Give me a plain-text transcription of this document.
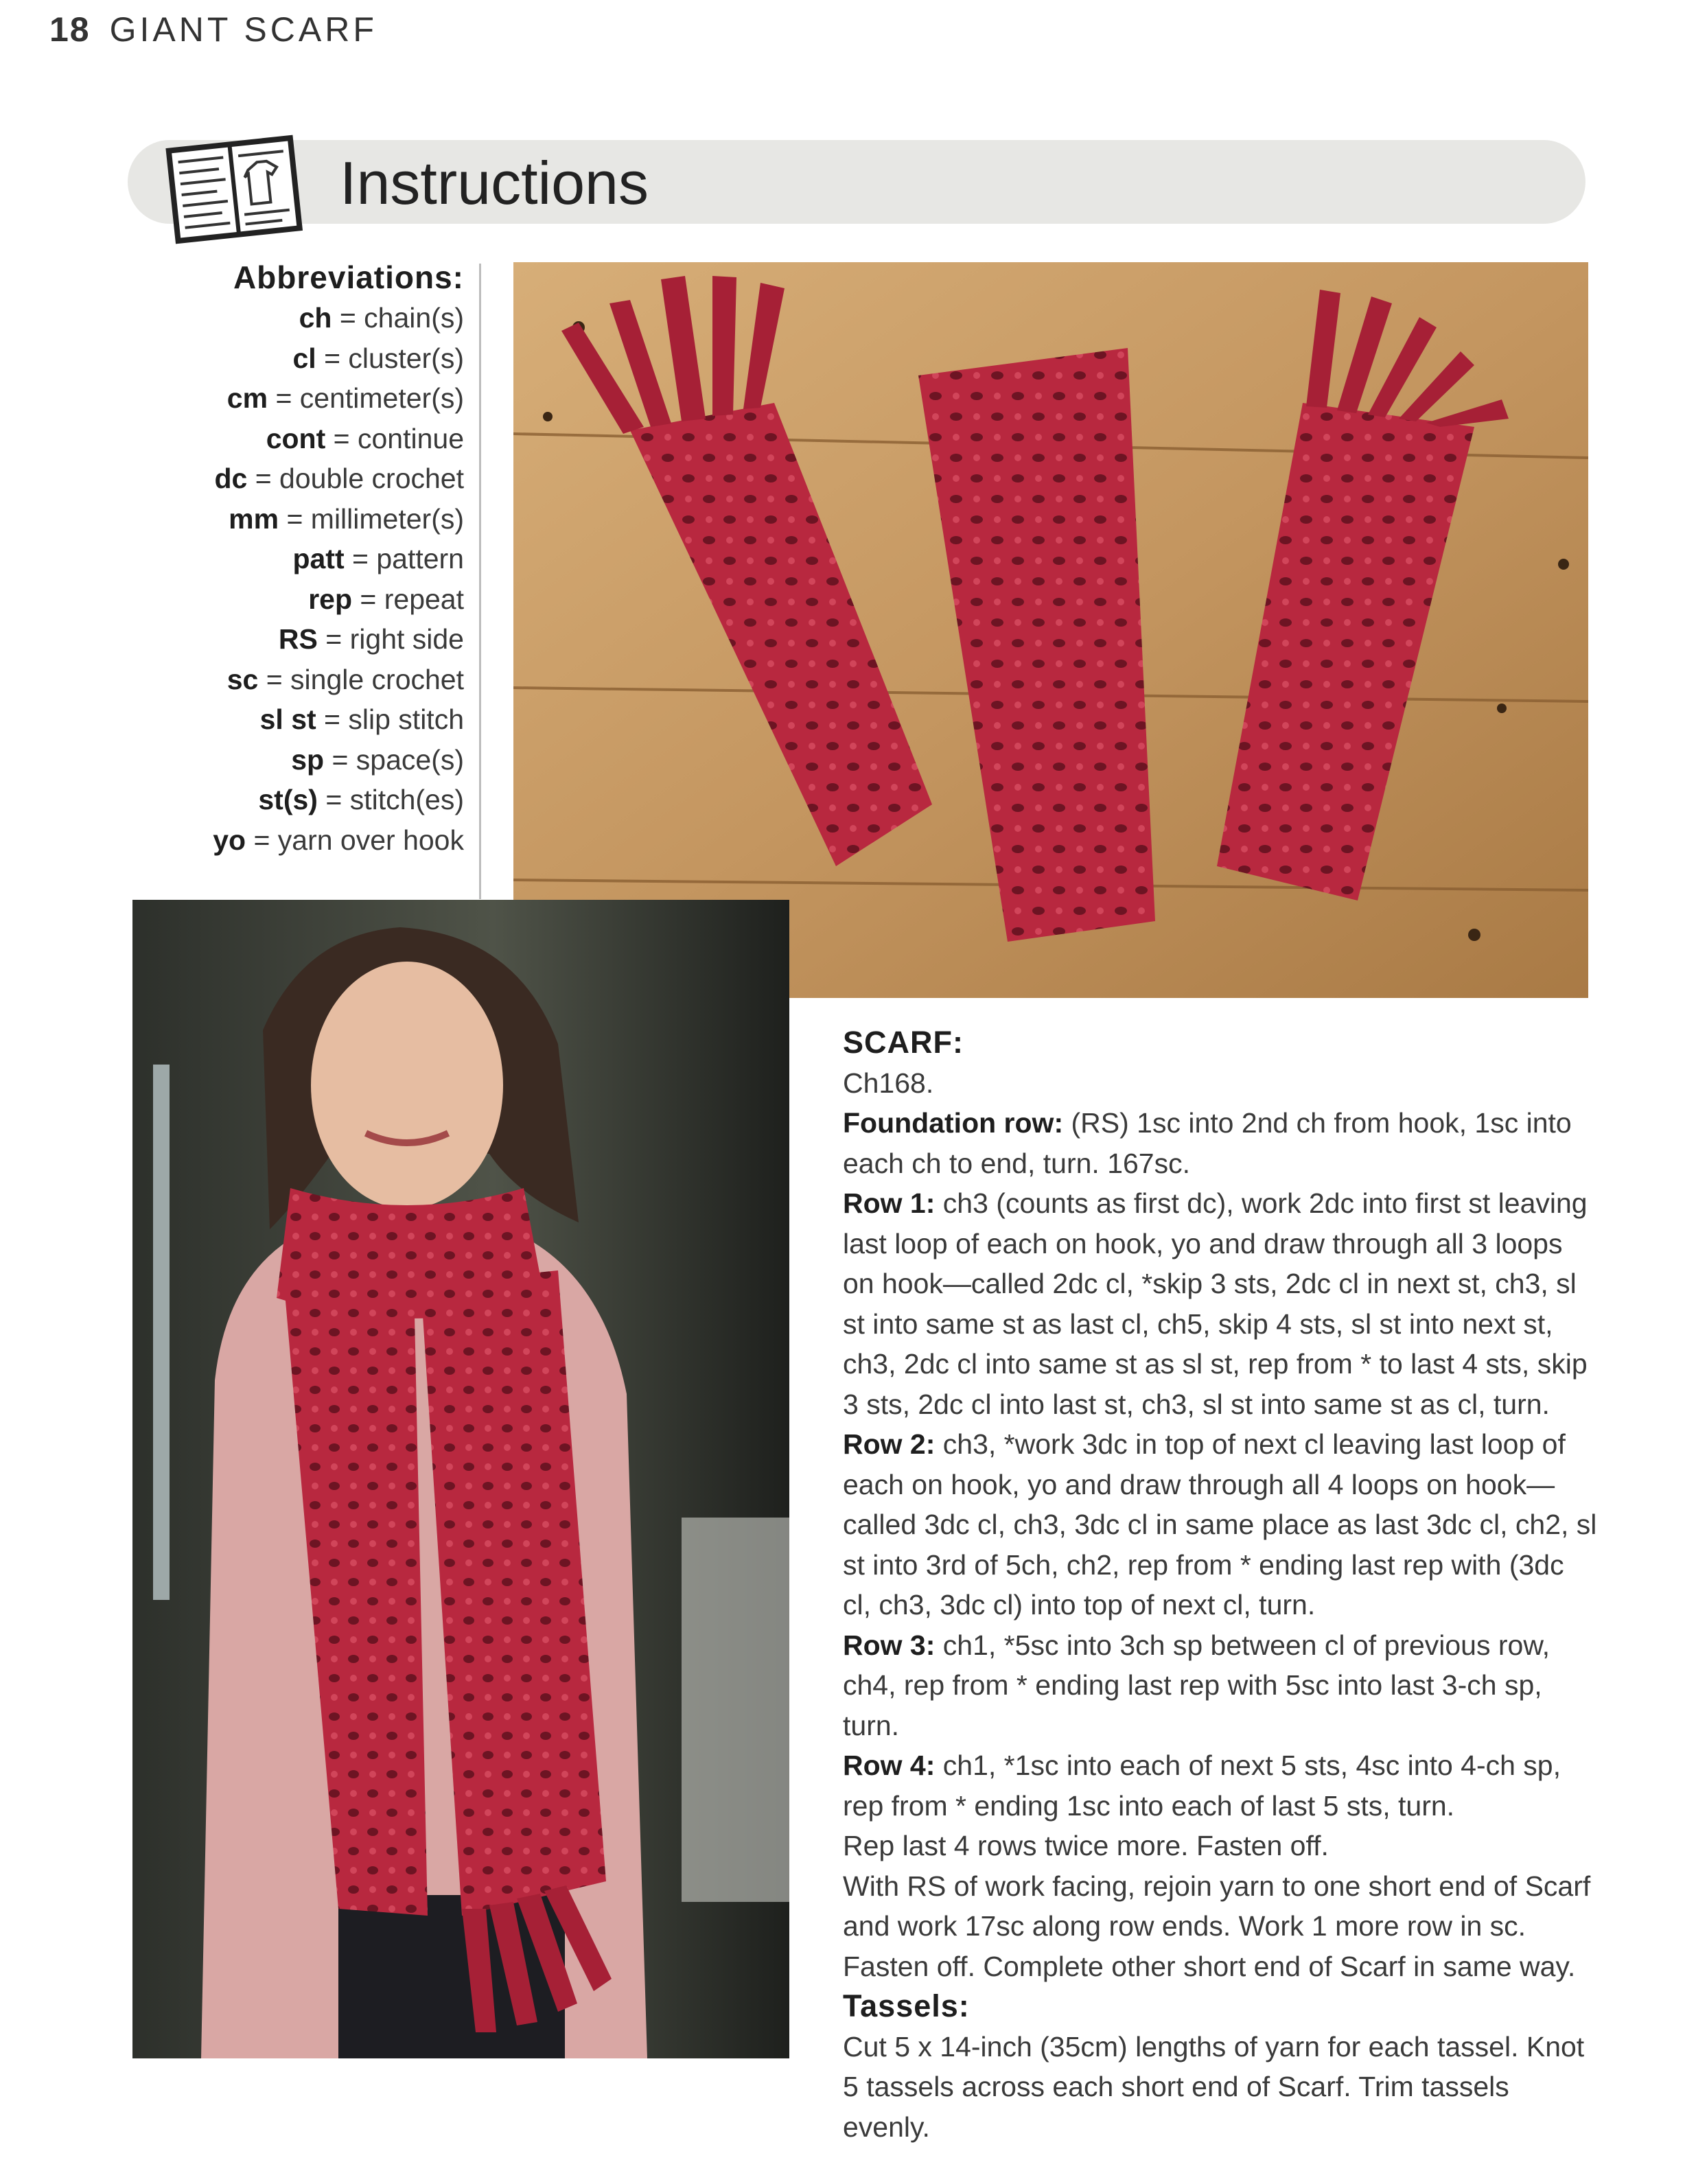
18 GIANT SCARF
Instructions
Abbreviations:
ch = chain(s)
cl = cluster(s)
cm = centimeter(s)
cont = continue
dc = double crochet
mm = millimeter(s)
patt = pattern
rep = repeat
RS = right side
sc = single crochet
sl st = slip stitch
sp = space(s)
st(s) = stitch(es)
yo = yarn over hook

SCARF:

Ch168.

Foundation row: (RS) 1sc into 2nd ch from hook, 1sc into each ch to end, turn. 167sc.

Row 1: ch3 (counts as first dc), work 2dc into first st leaving last loop of each on hook, yo and draw through all 3 loops on hook—called 2dc cl, *skip 3 sts, 2dc cl in next st, ch3, sl st into same st as last cl, ch5, skip 4 sts, sl st into next st, ch3, 2dc cl into same st as sl st, rep from * to last 4 sts, skip 3 sts, 2dc cl into last st, ch3, sl st into same st as cl, turn.

Row 2: ch3, *work 3dc in top of next cl leaving last loop of each on hook, yo and draw through all 4 loops on hook—called 3dc cl, ch3, 3dc cl in same place as last 3dc cl, ch2, sl st into 3rd of 5ch, ch2, rep from * ending last rep with (3dc cl, ch3, 3dc cl) into top of next cl, turn.

Row 3: ch1, *5sc into 3ch sp between cl of previous row, ch4, rep from * ending last rep with 5sc into last 3-ch sp, turn.

Row 4: ch1, *1sc into each of next 5 sts, 4sc into 4-ch sp, rep from * ending 1sc into each of last 5 sts, turn.

Rep last 4 rows twice more. Fasten off.

With RS of work facing, rejoin yarn to one short end of Scarf and work 17sc along row ends. Work 1 more row in sc. Fasten off. Complete other short end of Scarf in same way.

Tassels:

Cut 5 x 14-inch (35cm) lengths of yarn for each tassel. Knot 5 tassels across each short end of Scarf. Trim tassels evenly.
